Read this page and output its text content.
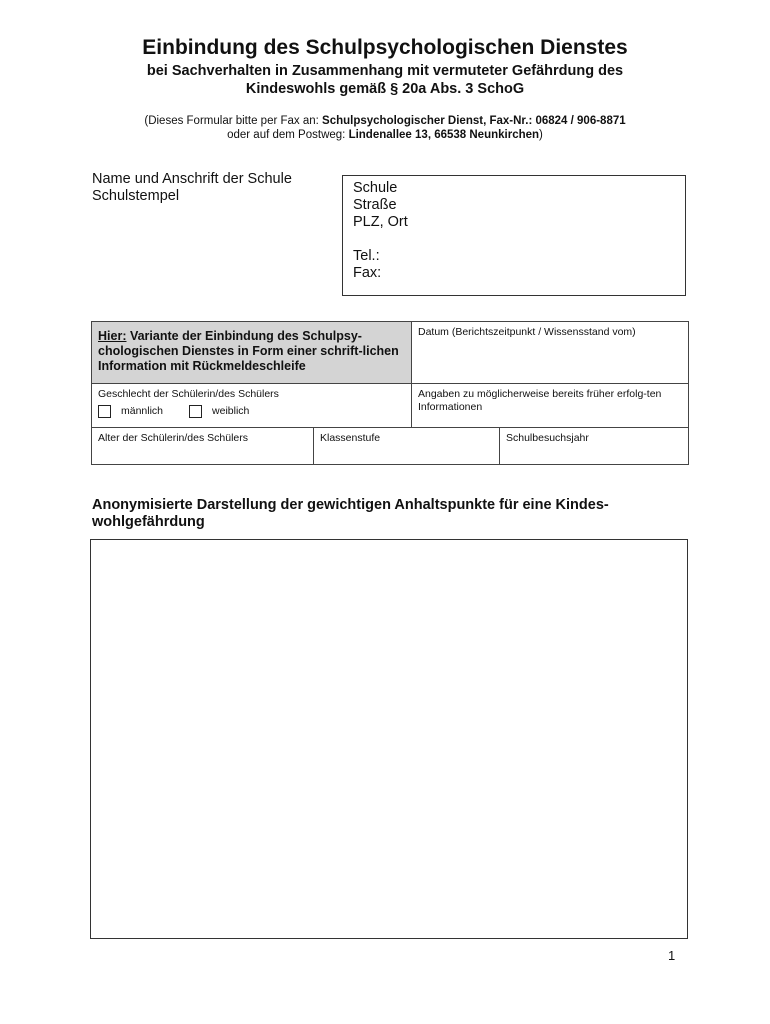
Einbindung des Schulpsychologischen Dienstes
bei Sachverhalten in Zusammenhang mit vermuteter Gefährdung des
Kindeswohls gemäß § 20a Abs. 3 SchoG
(Dieses Formular bitte per Fax an: Schulpsychologischer Dienst, Fax-Nr.: 06824 / 906-8871
oder auf dem Postweg: Lindenallee 13, 66538 Neunkirchen)
Name und Anschrift der Schule
Schulstempel	Schule
Straße
PLZ, Ort
Tel.:
Fax:
Hier: Variante der Einbindung des Schulpsy-chologischen Dienstes in Form einer schrift-lichen Information mit Rückmeldeschleife		Datum (Berichtszeitpunkt / Wissensstand vom)	

Geschlecht der Schülerin/des Schülers
männlich weiblich		Angaben zu möglicherweise bereits früher erfolg-ten Informationen	
Alter der Schülerin/des Schülers	Klassenstufe		Schulbesuchsjahr
Anonymisierte Darstellung der gewichtigen Anhaltspunkte für eine Kindes-wohlgefährdung
1
